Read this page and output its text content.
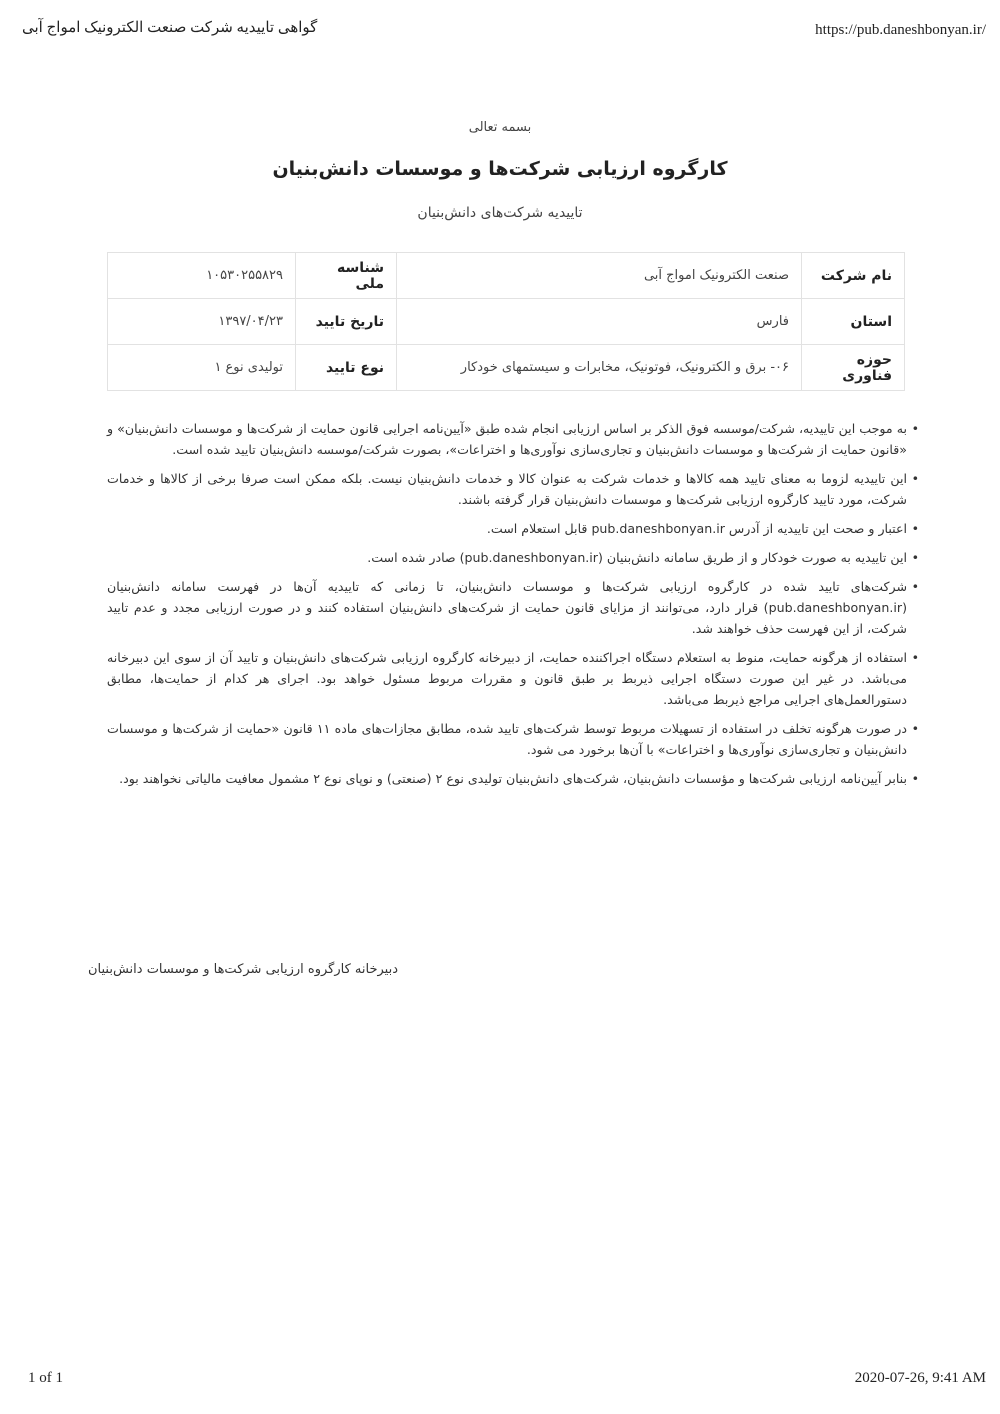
گواهی تاییدیه شرکت صنعت الکترونیک امواج آبی	https://pub.daneshbonyan.ir/
بسمه تعالی
کارگروه ارزیابی شرکت‌ها و موسسات دانش‌بنیان
تاییدیه شرکت‌های دانش‌بنیان
نام شرکت	صنعت الکترونیک امواج آبی	شناسه ملی	۱۰۵۳۰۲۵۵۸۲۹
استان	فارس	تاریخ تایید	۱۳۹۷/۰۴/۲۳
حوزه فناوری	۰۶- برق و الکترونیک، فوتونیک، مخابرات و سیستمهای خودکار	نوع تایید	تولیدی نوع ۱
• به موجب این تاییدیه، شرکت/موسسه فوق الذکر بر اساس ارزیابی انجام شده طبق «آیین‌نامه اجرایی قانون حمایت از شرکت‌ها و موسسات دانش‌بنیان» و «قانون حمایت از شرکت‌ها و موسسات دانش‌بنیان و تجاری‌سازی نوآوری‌ها و اختراعات»، بصورت شرکت/موسسه دانش‌بنیان تایید شده است.
• این تاییدیه لزوما به معنای تایید همه کالاها و خدمات شرکت به عنوان کالا و خدمات دانش‌بنیان نیست. بلکه ممکن است صرفا برخی از کالاها و خدمات شرکت، مورد تایید کارگروه ارزیابی شرکت‌ها و موسسات دانش‌بنیان قرار گرفته باشند.
• اعتبار و صحت این تاییدیه از آدرس pub.daneshbonyan.ir قابل استعلام است.
• این تاییدیه به صورت خودکار و از طریق سامانه دانش‌بنیان (pub.daneshbonyan.ir) صادر شده است.
• شرکت‌های تایید شده در کارگروه ارزیابی شرکت‌ها و موسسات دانش‌بنیان، تا زمانی که تاییدیه آن‌ها در فهرست سامانه دانش‌بنیان (pub.daneshbonyan.ir) قرار دارد، می‌توانند از مزایای قانون حمایت از شرکت‌های دانش‌بنیان استفاده کنند و در صورت ارزیابی مجدد و عدم تایید شرکت، از این فهرست حذف خواهند شد.
• استفاده از هرگونه حمایت، منوط به استعلام دستگاه اجراکننده حمایت، از دبیرخانه کارگروه ارزیابی شرکت‌های دانش‌بنیان و تایید آن از سوی این دبیرخانه می‌باشد. در غیر این صورت دستگاه اجرایی ذیربط بر طبق قانون و مقررات مربوط مسئول خواهد بود. اجرای هر کدام از حمایت‌ها، مطابق دستورالعمل‌های اجرایی مراجع ذیربط می‌باشد.
• در صورت هرگونه تخلف در استفاده از تسهیلات مربوط توسط شرکت‌های تایید شده، مطابق مجازات‌های ماده ۱۱ قانون «حمایت از شرکت‌ها و موسسات دانش‌بنیان و تجاری‌سازی نوآوری‌ها و اختراعات» با آن‌ها برخورد می شود.
• بنابر آیین‌نامه ارزیابی شرکت‌ها و مؤسسات دانش‌بنیان، شرکت‌های دانش‌بنیان تولیدی نوع ۲ (صنعتی) و نوپای نوع ۲ مشمول معافیت مالیاتی نخواهند بود.
دبیرخانه کارگروه ارزیابی شرکت‌ها و موسسات دانش‌بنیان
1 of 1	2020-07-26, 9:41 AM
